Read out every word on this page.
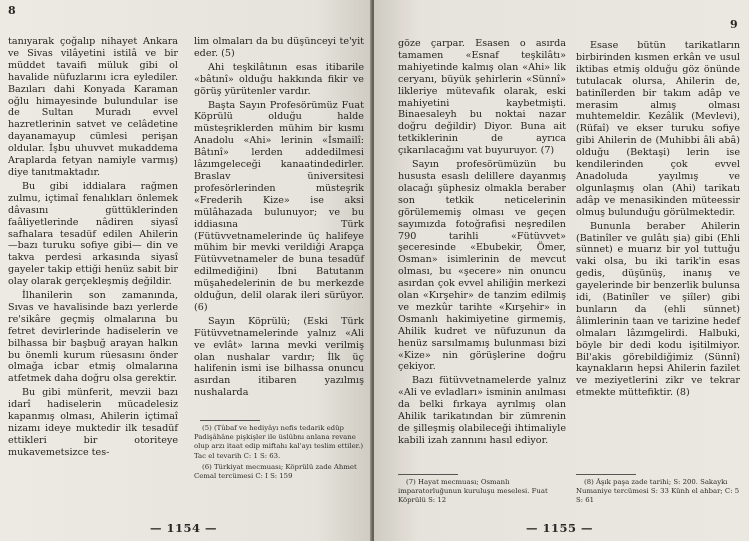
8

tanıyarak çoğalıp nihayet Ankara ve Sivas vilâyetini istilâ ve bir müddet tavaifi müluk gibi ol havalide nüfuzlarını icra eylediler. Bazıları dahi Konyada Karaman oğlu himayesinde bulundular ise de Sultan Muradı evvel hazretlerinin satvet ve celâdetine dayanamayup cümlesi perişan oldular. İşbu uhuvvet mukaddema Araplarda fetyan namiyle varmış) diye tanıtmaktadır.

Bu gibi iddialara rağmen zulmu, içtimaî fenalıkları önlemek dâvasını güttüklerinden faâliyetlerinde nâdiren siyasî safhalara tesadüf edilen Ahilerin —bazı turuku sofiye gibi— din ve takva perdesi arkasında siyasî gayeler takip ettiği henüz sabit bir olay olarak gerçekleşmiş değildir.

İlhanilerin son zamanında, Sıvas ve havalisinde bazı yerlerde re'sikâre geçmiş olmalarına bu fetret devirlerinde hadiselerin ve bilhassa bir başbuğ arayan halkın bu önemli kurum rüesasını önder olmağa icbar etmiş olmalarına atfetmek daha doğru olsa gerektir.

Bu gibi münferit, mevzii bazı idarî hadiselerin mücadelesiz kapanmış olması, Ahilerin içtimaî nizamı ideye muktedir ilk tesadüf ettikleri bir otoriteye mukavemetsizce tes-

lim olmaları da bu düşünceyi te'yit eder. (5)

Ahi teşkilâtının esas itibarile «bâtınî» olduğu hakkında fikir ve görüş yürütenler vardır.

Başta Sayın Profesörümüz Fuat Köprülü olduğu halde müsteşriklerden mühim bir kısmı Anadolu «Ahi» lerinin «İsmailî: Bâtınî» lerden addedilmesi lâzımgeleceği kanaatindedirler. Braslav üniversitesi profesörlerinden müsteşrik «Frederih Kize» ise aksi mülâhazada bulunuyor; ve bu iddiasına Türk (Fütüvvetnamelerinde üç halifeye mühim bir mevki verildiği Arapça Fütüvvetnameler de buna tesadüf edilmediğini) İbni Batutanın müşahedelerinin de bu merkezde olduğun, delil olarak ileri sürüyor. (6)

Sayın Köprülü; (Eski Türk Fütüvvetnamelerinde yalnız «Ali ve evlât» larına mevki verilmiş olan nushalar vardır; İlk üç halifenin ismi ise bilhassa onuncu asırdan itibaren yazılmış nushalarda

(5) (Tûbaf ve hediyâyı nefis tedarik edüp Padişâhâne pişkişler ile üslûbnı anlana revane olup arzı itaat edip miftahı kal'ayı teslim ettiler.) Tac el tevarih C: 1 S: 63.

(6) Türkiyat mecmuası; Köprülü zade Ahmet Cemal tercümesi C: I S: 159

— 1154 —
9

göze çarpar. Esasen o asırda tamamen «Esnaf teşkilâtı» mahiyetinde kalmış olan «Ahi» lik ceryanı, büyük şehirlerin «Sünnî» likleriye mütevafık olarak, eski mahiyetini kaybetmişti. Binaesaleyh bu noktai nazar doğru değildir) Diyor. Buna ait tetkiklerinin de ayrıca çıkarılacağını vat buyuruyor. (7)

Sayın profesörümüzün bu hususta esaslı delillere dayanmış olacağı şüphesiz olmakla beraber son tetkik neticelerinin görülememiş olması ve geçen sayımızda fotoğrafisi neşredilen 790 tarihli «Fütüvvet» şeceresinde «Ebubekir, Ömer, Osman» isimlerinin de mevcut olması, bu «şecere» nin onuncu asırdan çok evvel ahiliğin merkezi olan «Kırşehir» de tanzim edilmiş ve mezkûr tarihte «Kırşehir» in Osmanlı hakimiyetine girmemiş, Ahilik kudret ve nüfuzunun da henüz sarsılmamış bulunması bizi «Kize» nin görüşlerine doğru çekiyor.

Bazı fütüvvetnamelerde yalnız «Ali ve evladları» isminin anılması da belki fırkaya ayrılmış olan Ahilik tarikatından bir zümrenin de şilleşmiş olabileceği ihtimaliyle kabili izah zannını hasıl ediyor.

Esase bütün tarikatların birbirinden kısmen erkân ve usul iktibas etmiş olduğu göz önünde tutulacak olursa, Ahilerin de, batinîlerden bir takım adâp ve merasim almış olması muhtemeldir. Kezâlik (Mevlevi), (Rüfaî) ve ekser turuku sofiye gibi Ahilerin de (Muhibbi âli abâ) olduğu (Bektaşi) lerin ise kendilerinden çok evvel Anadoluda yayılmış ve olgunlaşmış olan (Ahi) tarikatı adâp ve menasikinden müteessir olmuş bulunduğu görülmektedir.

Bununla beraber Ahilerin (Batinîler ve gulâtı şia) gibi (Ehli sünnet) e muarız bir yol tuttuğu vaki olsa, bu iki tarik'in esas gedis, düşünüş, inanış ve gayelerinde bir benzerlik bulunsa idi, (Batinîler ve şiîler) gibi bunların da (ehli sünnet) âlimlerinin taan ve tarizine hedef olmaları lâzımgelirdi. Halbuki, böyle bir dedi kodu işitilmiyor. Bil'akis görebildiğimiz (Sünnî) kaynakların hepsi Ahilerin fazilet ve meziyetlerini zikr ve tekrar etmekte müttefiktir. (8)

(7) Hayat mecmuası; Osmanlı imparatorluğunun kuruluşu meselesi. Fuat Köprülü S: 12

(8) Âşık paşa zade tarihi; S: 200. Sakaykı Numaniye tercümesi S: 33 Künh el ahbar; C: 5 S: 61

— 1155 —
